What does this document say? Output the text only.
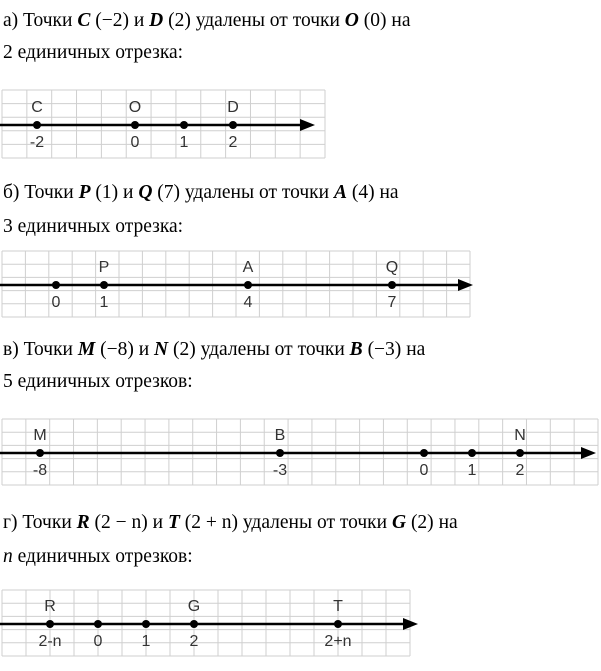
а) Точки C (−2) и D (2) удалены от точки O (0) на
2 единичных отрезка:
C
-2
O
0	1
D
2
б) Точки P (1) и Q (7) удалены от точки A (4) на
3 единичных отрезка:
0
P
1
A
4
Q
7
в) Точки M (−8) и N (2) удалены от точки B (−3) на
5 единичных отрезков:
M
-8
B
-3	0 1
N
2
г) Точки R (2 − n) и T (2 + n) удалены от точки G (2) на
n единичных отрезков:
R
2-n 0 1
G
2
T
2+n
